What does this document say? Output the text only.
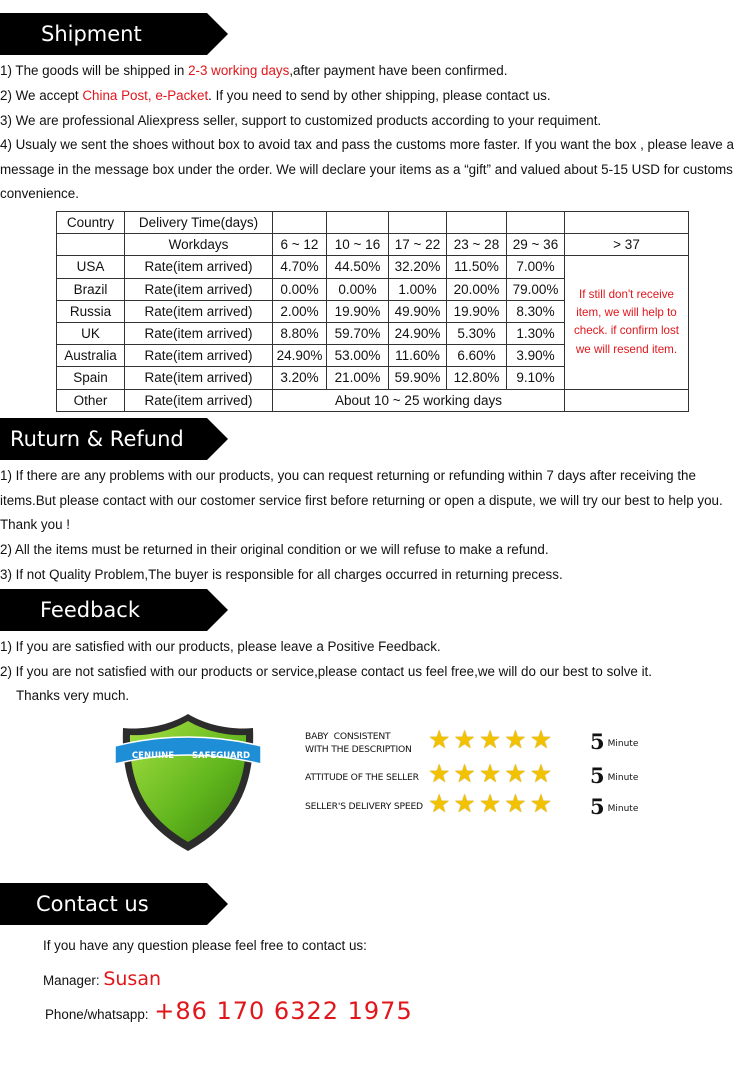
Shipment
1) The goods will be shipped in 2-3 working days,after payment have been confirmed.
2) We accept China Post, e-Packet. If you need to send by other shipping, please contact us.
3) We are professional Aliexpress seller, support to customized products according to your requiment.
4) Usualy we sent the shoes without box to avoid tax and pass the customs more faster. If you want the box , please leave a message in the message box under the order. We will declare your items as a “gift” and valued about 5-15 USD for customs convenience.
Country	Delivery Time(days)						
	Workdays	6 ~ 12	10 ~ 16	17 ~ 22	23 ~ 28	29 ~ 36	> 37
USA	Rate(item arrived)	4.70%	44.50%	32.20%	11.50%	7.00%	If still don't receive item, we will help to check. if confirm lost we will resend item.
Brazil	Rate(item arrived)	0.00%	0.00%	1.00%	20.00%	79.00%	
Russia	Rate(item arrived)	2.00%	19.90%	49.90%	19.90%	8.30%	
UK	Rate(item arrived)	8.80%	59.70%	24.90%	5.30%	1.30%	
Australia	Rate(item arrived)	24.90%	53.00%	11.60%	6.60%	3.90%	
Spain	Rate(item arrived)	3.20%	21.00%	59.90%	12.80%	9.10%	
Other	Rate(item arrived)	About 10 ~ 25 working days					
Ruturn & Refund
1) If there are any problems with our products, you can request returning or refunding within 7 days after receiving the items.But please contact with our costomer service first before returning or open a dispute, we will try our best to help you. Thank you !
2) All the items must be returned in their original condition or we will refuse to make a refund.
3) If not Quality Problem,The buyer is responsible for all charges occurred in returning precess.
Feedback
1) If you are satisfied with our products, please leave a Positive Feedback.
2) If you are not satisfied with our products or service,please contact us feel free,we will do our best to solve it.
Thanks very much.
CENUINE SAFEGUARD
BABY  CONSISTENT
WITH THE DESCRIPTION ★ ★ ★ ★ ★ 5 Minute
ATTITUDE OF THE SELLER ★ ★ ★ ★ ★ 5 Minute
SELLER'S DELIVERY SPEED ★ ★ ★ ★ ★ 5 Minute
Contact us
If you have any question please feel free to contact us:
Manager: Susan
Phone/whatsapp: +86 170 6322 1975
